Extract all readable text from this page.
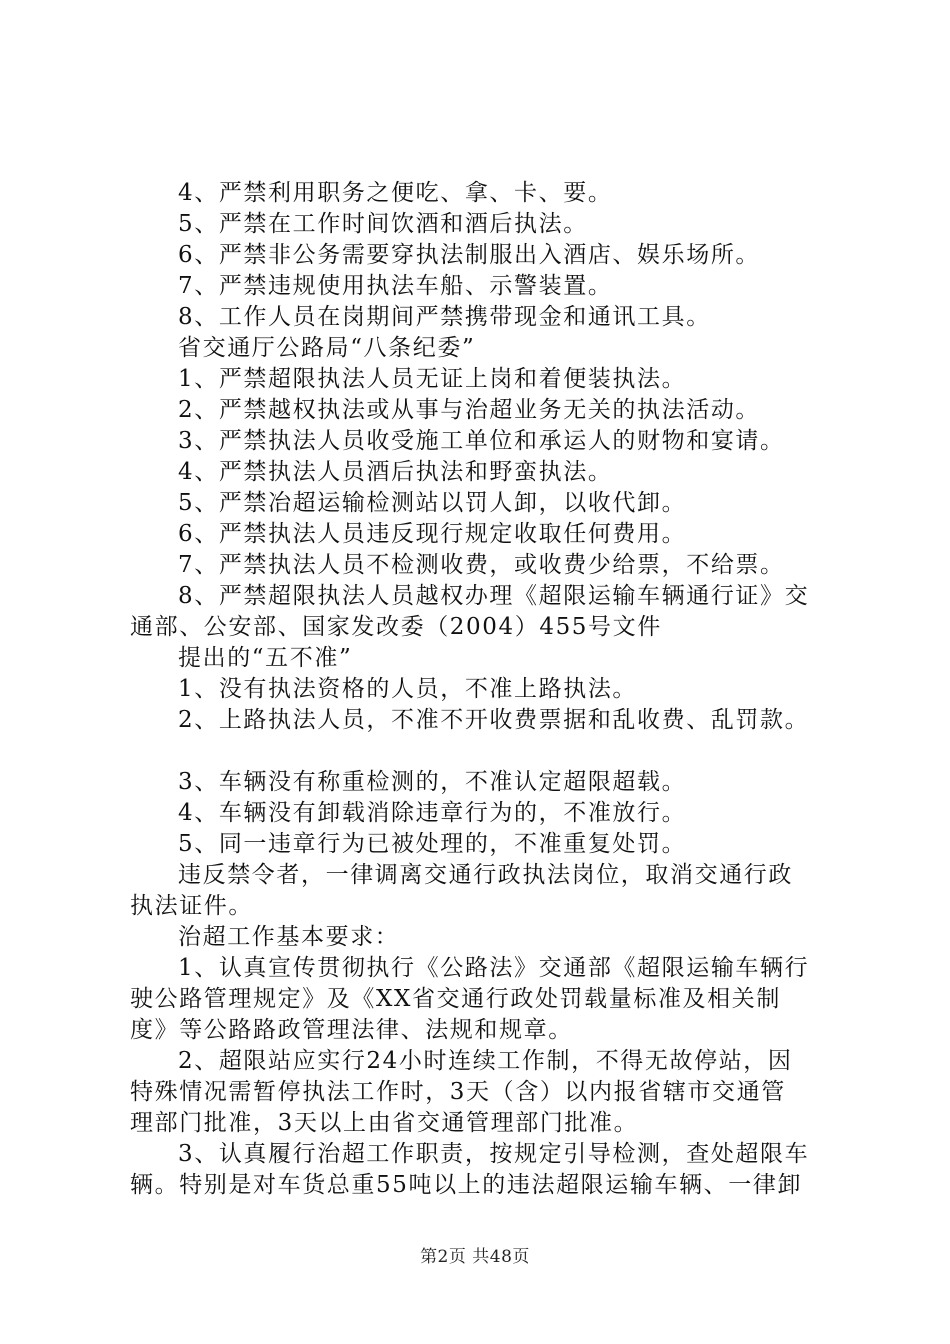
4、严禁利用职务之便吃、拿、卡、要。
5、严禁在工作时间饮酒和酒后执法。
6、严禁非公务需要穿执法制服出入酒店、娱乐场所。
7、严禁违规使用执法车船、示警装置。
8、工作人员在岗期间严禁携带现金和通讯工具。
省交通厅公路局“八条纪委”
1、严禁超限执法人员无证上岗和着便装执法。
2、严禁越权执法或从事与治超业务无关的执法活动。
3、严禁执法人员收受施工单位和承运人的财物和宴请。
4、严禁执法人员酒后执法和野蛮执法。
5、严禁冶超运输检测站以罚人卸，以收代卸。
6、严禁执法人员违反现行规定收取任何费用。
7、严禁执法人员不检测收费，或收费少给票，不给票。
8、严禁超限执法人员越权办理《超限运输车辆通行证》交
通部、公安部、国家发改委（2004）455号文件
提出的“五不准”
1、没有执法资格的人员，不准上路执法。
2、上路执法人员，不准不开收费票据和乱收费、乱罚款。
3、车辆没有称重检测的，不准认定超限超载。
4、车辆没有卸载消除违章行为的，不准放行。
5、同一违章行为已被处理的，不准重复处罚。
违反禁令者，一律调离交通行政执法岗位，取消交通行政
执法证件。
治超工作基本要求：
1、认真宣传贯彻执行《公路法》交通部《超限运输车辆行
驶公路管理规定》及《XX省交通行政处罚载量标准及相关制
度》等公路路政管理法律、法规和规章。
2、超限站应实行24小时连续工作制，不得无故停站，因
特殊情况需暂停执法工作时，3天（含）以内报省辖市交通管
理部门批准，3天以上由省交通管理部门批准。
3、认真履行治超工作职责，按规定引导检测，查处超限车
辆。特别是对车货总重55吨以上的违法超限运输车辆、一律卸
第2页 共48页
